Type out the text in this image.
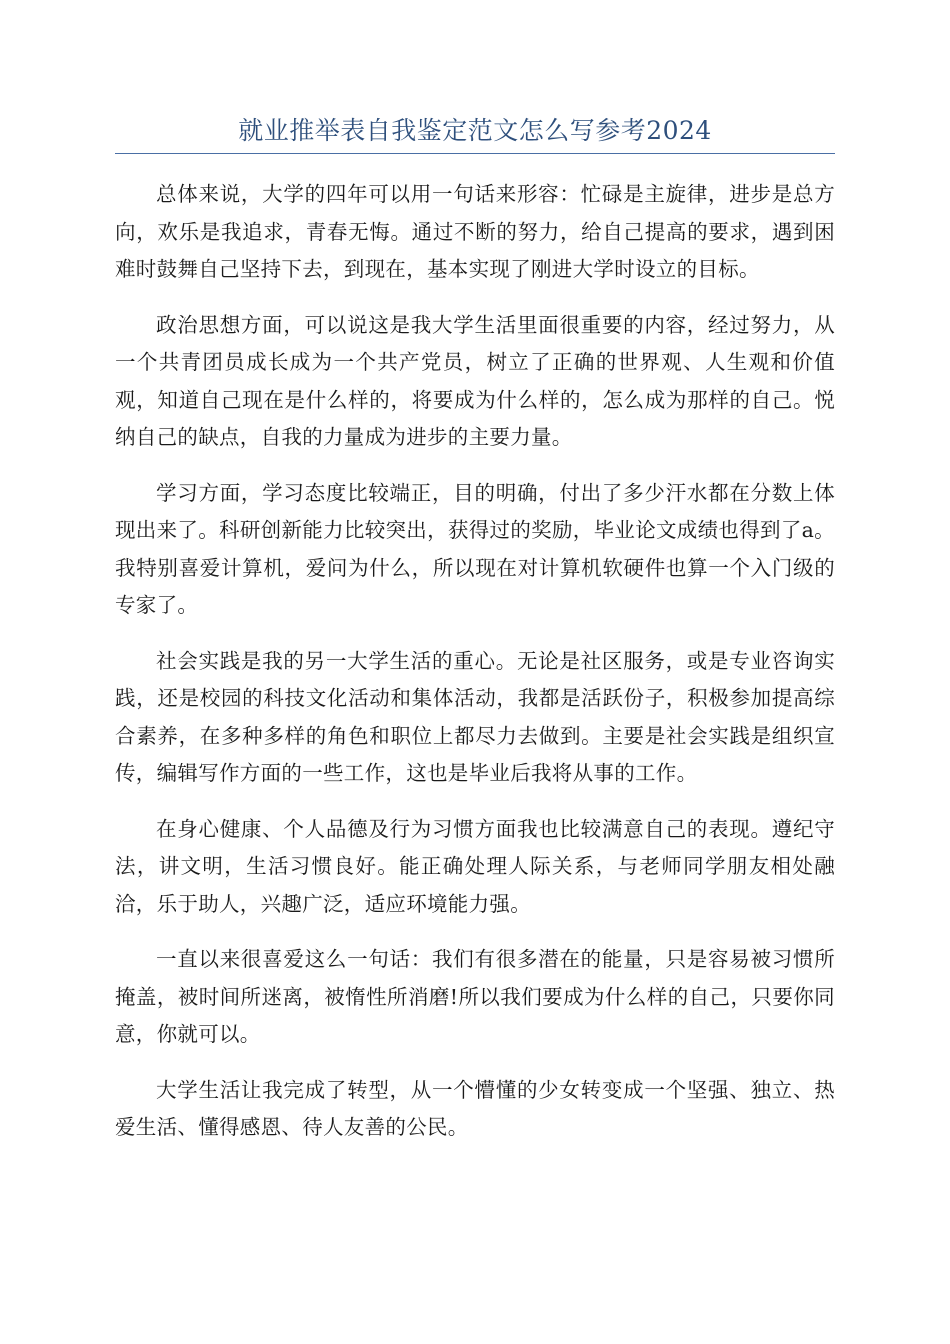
就业推举表自我鉴定范文怎么写参考2024

总体来说，大学的四年可以用一句话来形容：忙碌是主旋律，进步是总方向，欢乐是我追求，青春无悔。通过不断的努力，给自己提高的要求，遇到困难时鼓舞自己坚持下去，到现在，基本实现了刚进大学时设立的目标。

政治思想方面，可以说这是我大学生活里面很重要的内容，经过努力，从一个共青团员成长成为一个共产党员，树立了正确的世界观、人生观和价值观，知道自己现在是什么样的，将要成为什么样的，怎么成为那样的自己。悦纳自己的缺点，自我的力量成为进步的主要力量。

学习方面，学习态度比较端正，目的明确，付出了多少汗水都在分数上体现出来了。科研创新能力比较突出，获得过的奖励，毕业论文成绩也得到了a。我特别喜爱计算机，爱问为什么，所以现在对计算机软硬件也算一个入门级的专家了。

社会实践是我的另一大学生活的重心。无论是社区服务，或是专业咨询实践，还是校园的科技文化活动和集体活动，我都是活跃份子，积极参加提高综合素养，在多种多样的角色和职位上都尽力去做到。主要是社会实践是组织宣传，编辑写作方面的一些工作，这也是毕业后我将从事的工作。

在身心健康、个人品德及行为习惯方面我也比较满意自己的表现。遵纪守法，讲文明，生活习惯良好。能正确处理人际关系，与老师同学朋友相处融洽，乐于助人，兴趣广泛，适应环境能力强。

一直以来很喜爱这么一句话：我们有很多潜在的能量，只是容易被习惯所掩盖，被时间所迷离，被惰性所消磨!所以我们要成为什么样的自己，只要你同意，你就可以。

大学生活让我完成了转型，从一个懵懂的少女转变成一个坚强、独立、热爱生活、懂得感恩、待人友善的公民。
